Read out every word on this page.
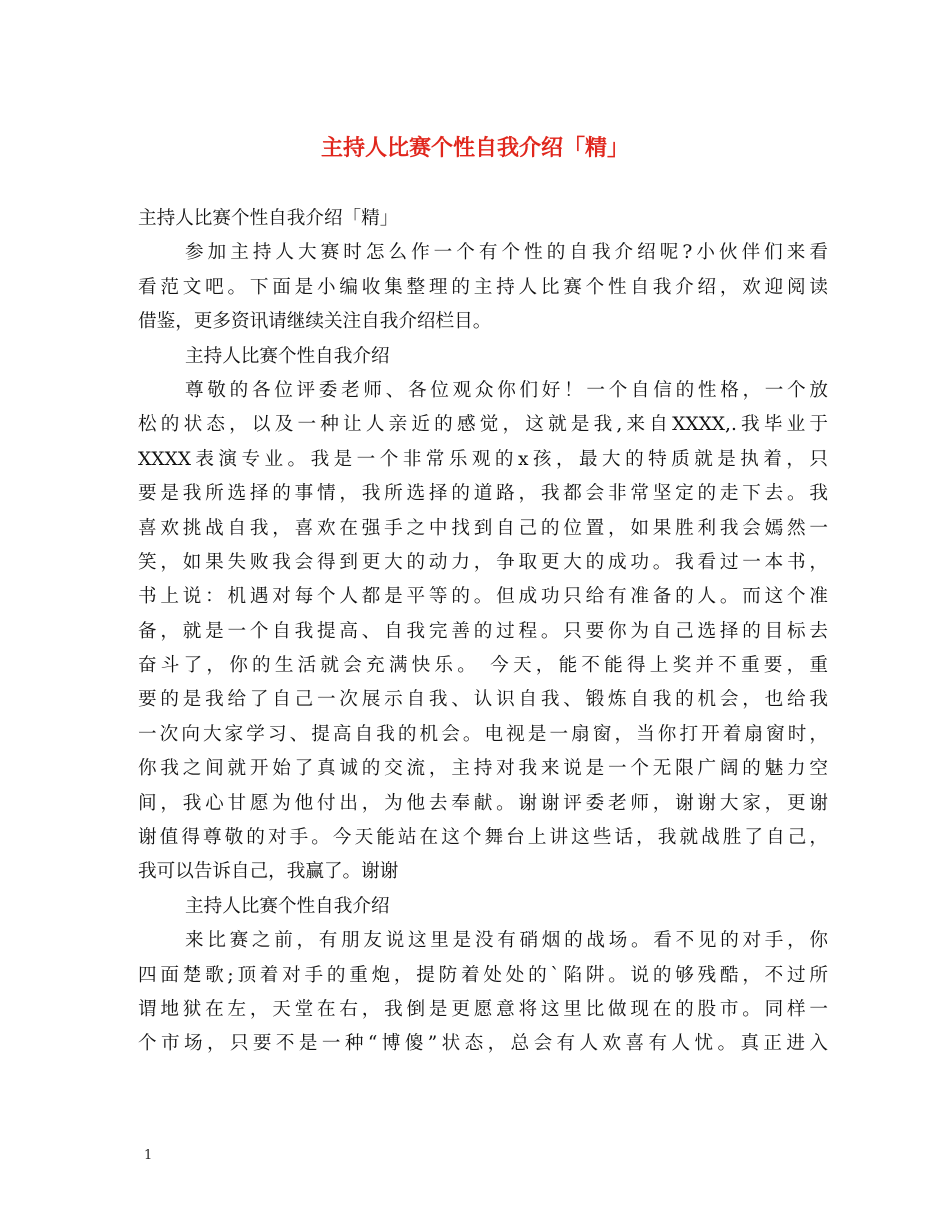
主持人比赛个性自我介绍「精」
主持人比赛个性自我介绍「精」
参加主持人大赛时怎么作一个有个性的自我介绍呢?小伙伴们来看
看范文吧。下面是小编收集整理的主持人比赛个性自我介绍，欢迎阅读
借鉴，更多资讯请继续关注自我介绍栏目。
主持人比赛个性自我介绍
尊敬的各位评委老师、各位观众你们好！一个自信的性格，一个放
松的状态，以及一种让人亲近的感觉，这就是我,来自XXXX,.我毕业于
XXXX表演专业。我是一个非常乐观的x孩，最大的特质就是执着，只
要是我所选择的事情，我所选择的道路，我都会非常坚定的走下去。我
喜欢挑战自我，喜欢在强手之中找到自己的位置，如果胜利我会嫣然一
笑，如果失败我会得到更大的动力，争取更大的成功。我看过一本书，
书上说：机遇对每个人都是平等的。但成功只给有准备的人。而这个准
备，就是一个自我提高、自我完善的过程。只要你为自己选择的目标去
奋斗了，你的生活就会充满快乐。 今天，能不能得上奖并不重要，重
要的是我给了自己一次展示自我、认识自我、锻炼自我的机会，也给我
一次向大家学习、提高自我的机会。电视是一扇窗，当你打开着扇窗时，
你我之间就开始了真诚的交流，主持对我来说是一个无限广阔的魅力空
间，我心甘愿为他付出，为他去奉献。谢谢评委老师，谢谢大家，更谢
谢值得尊敬的对手。今天能站在这个舞台上讲这些话，我就战胜了自己，
我可以告诉自己，我赢了。谢谢
主持人比赛个性自我介绍
来比赛之前，有朋友说这里是没有硝烟的战场。看不见的对手，你
四面楚歌;顶着对手的重炮，提防着处处的`陷阱。说的够残酷，不过所
谓地狱在左，天堂在右，我倒是更愿意将这里比做现在的股市。同样一
个市场，只要不是一种“博傻”状态，总会有人欢喜有人忧。真正进入
1
